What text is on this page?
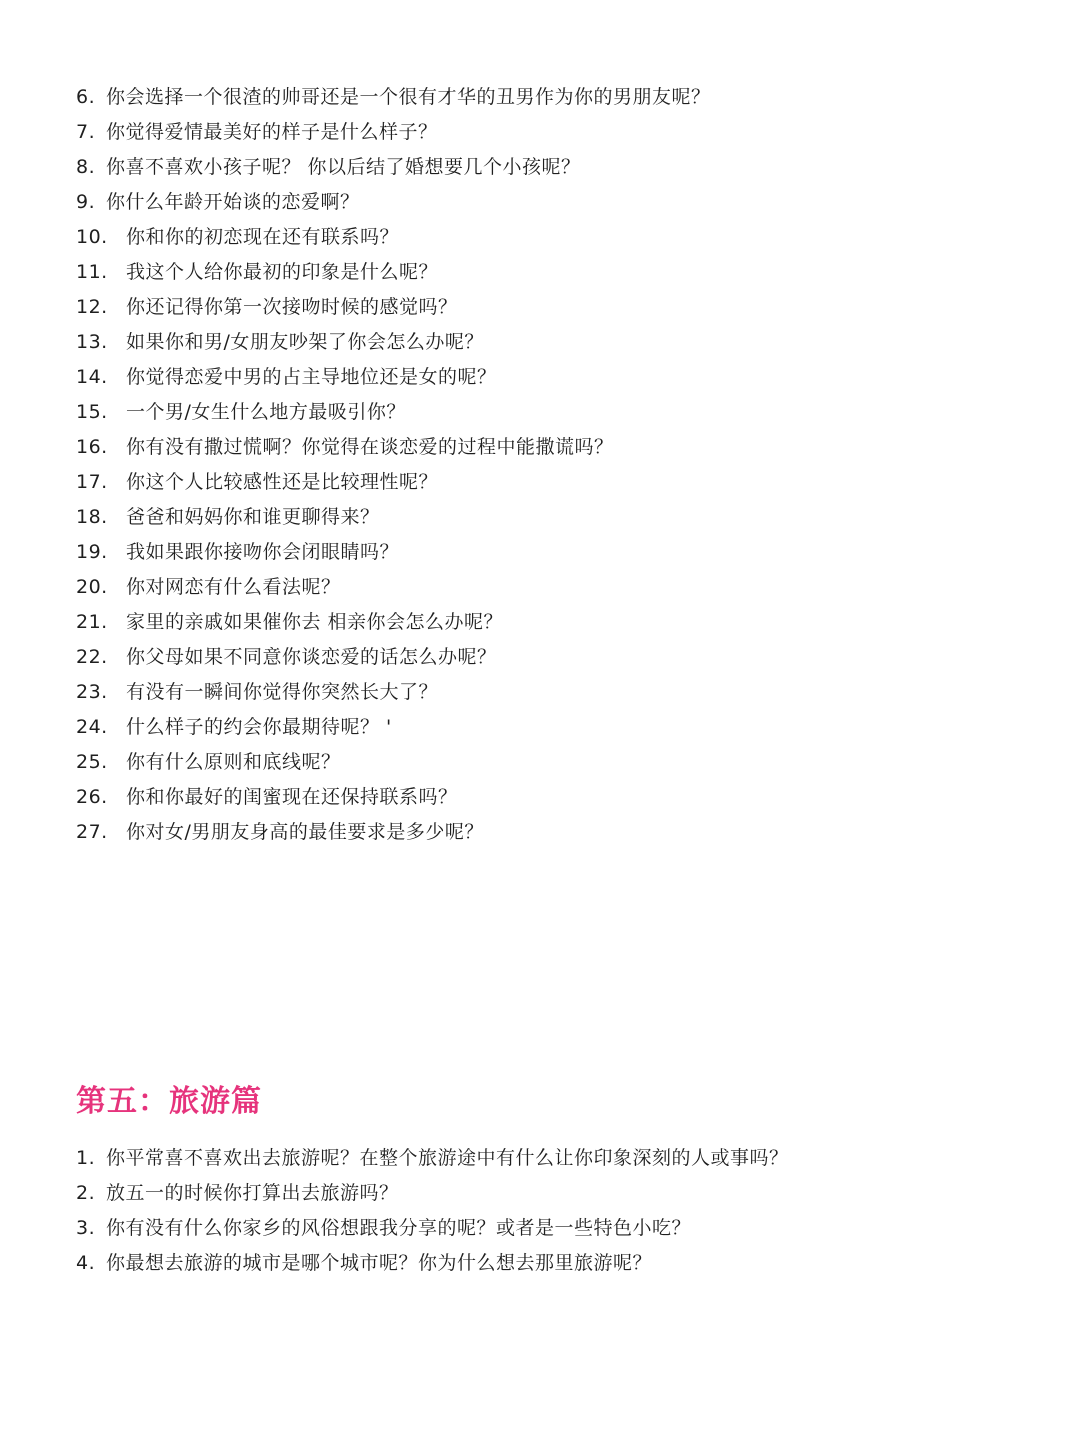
6. 你会选择一个很渣的帅哥还是一个很有才华的丑男作为你的男朋友呢？
7. 你觉得爱情最美好的样子是什么样子？
8. 你喜不喜欢小孩子呢？ 你以后结了婚想要几个小孩呢？
9. 你什么年龄开始谈的恋爱啊？
10. 你和你的初恋现在还有联系吗？
11. 我这个人给你最初的印象是什么呢？
12. 你还记得你第一次接吻时候的感觉吗？
13. 如果你和男/女朋友吵架了你会怎么办呢？
14. 你觉得恋爱中男的占主导地位还是女的呢？
15. 一个男/女生什么地方最吸引你？
16. 你有没有撒过慌啊？你觉得在谈恋爱的过程中能撒谎吗？
17. 你这个人比较感性还是比较理性呢？
18. 爸爸和妈妈你和谁更聊得来？
19. 我如果跟你接吻你会闭眼睛吗？
20. 你对网恋有什么看法呢？
21. 家里的亲戚如果催你去 相亲你会怎么办呢？
22. 你父母如果不同意你谈恋爱的话怎么办呢？
23. 有没有一瞬间你觉得你突然长大了？
24. 什么样子的约会你最期待呢？ '
25. 你有什么原则和底线呢？
26. 你和你最好的闺蜜现在还保持联系吗？
27. 你对女/男朋友身高的最佳要求是多少呢？
第五：旅游篇
1. 你平常喜不喜欢出去旅游呢？在整个旅游途中有什么让你印象深刻的人或事吗？
2. 放五一的时候你打算出去旅游吗？
3. 你有没有什么你家乡的风俗想跟我分享的呢？或者是一些特色小吃？
4. 你最想去旅游的城市是哪个城市呢？你为什么想去那里旅游呢？
